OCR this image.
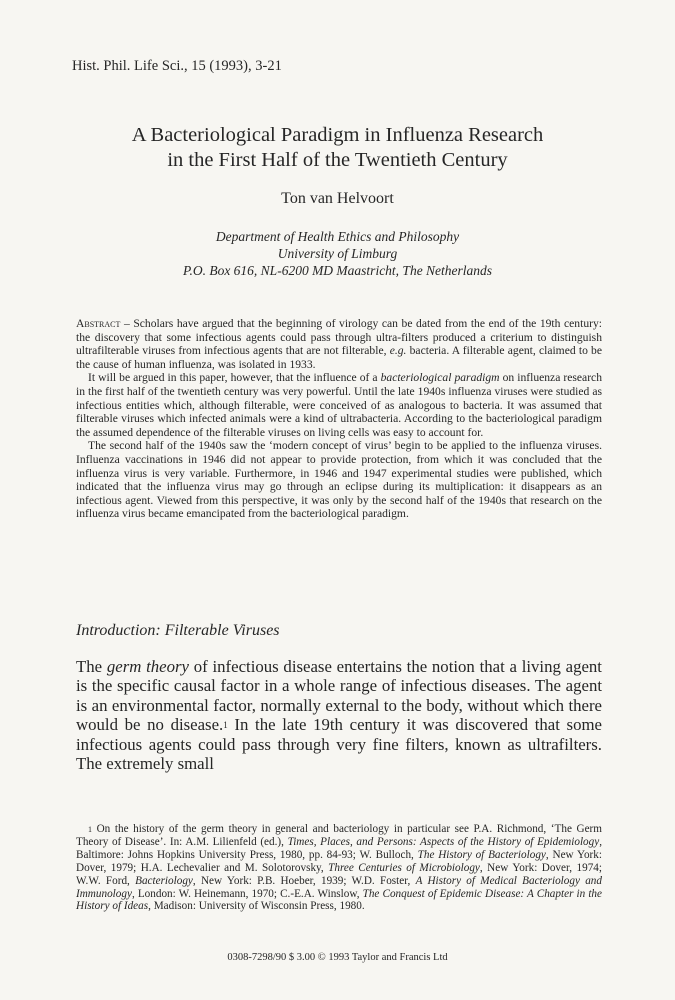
Hist. Phil. Life Sci., 15 (1993), 3-21
A Bacteriological Paradigm in Influenza Research
in the First Half of the Twentieth Century
Ton van Helvoort
Department of Health Ethics and Philosophy
University of Limburg
P.O. Box 616, NL-6200 MD Maastricht, The Netherlands

Abstract – Scholars have argued that the beginning of virology can be dated from the end of the 19th century: the discovery that some infectious agents could pass through ultra-filters produced a criterium to distinguish ultrafilterable viruses from infectious agents that are not filterable, e.g. bacteria. A filterable agent, claimed to be the cause of human influenza, was isolated in 1933.

It will be argued in this paper, however, that the influence of a bacteriological paradigm on influenza research in the first half of the twentieth century was very powerful. Until the late 1940s influenza viruses were studied as infectious entities which, although filterable, were conceived of as analogous to bacteria. It was assumed that filterable viruses which infected animals were a kind of ultrabacteria. According to the bacteriological paradigm the assumed dependence of the filterable viruses on living cells was easy to account for.

The second half of the 1940s saw the ‘modern concept of virus’ begin to be applied to the influenza viruses. Influenza vaccinations in 1946 did not appear to provide protection, from which it was concluded that the influenza virus is very variable. Furthermore, in 1946 and 1947 experimental studies were published, which indicated that the influenza virus may go through an eclipse during its multiplication: it disappears as an infectious agent. Viewed from this perspective, it was only by the second half of the 1940s that research on the influenza virus became emancipated from the bacteriological paradigm.

Introduction: Filterable Viruses

The germ theory of infectious disease entertains the notion that a living agent is the specific causal factor in a whole range of infectious diseases. The agent is an environmental factor, normally external to the body, without which there would be no disease.$^1$ In the late 19th century it was discovered that some infectious agents could pass through very fine filters, known as ultrafilters. The extremely small

$^1$ On the history of the germ theory in general and bacteriology in particular see P.A. Richmond, ‘The Germ Theory of Disease’. In: A.M. Lilienfeld (ed.), Times, Places, and Persons: Aspects of the History of Epidemiology, Baltimore: Johns Hopkins University Press, 1980, pp. 84-93; W. Bulloch, The History of Bacteriology, New York: Dover, 1979; H.A. Lechevalier and M. Solotorovsky, Three Centuries of Microbiology, New York: Dover, 1974; W.W. Ford, Bacteriology, New York: P.B. Hoeber, 1939; W.D. Foster, A History of Medical Bacteriology and Immunology, London: W. Heinemann, 1970; C.-E.A. Winslow, The Conquest of Epidemic Disease: A Chapter in the History of Ideas, Madison: University of Wisconsin Press, 1980.

0308-7298/90 $ 3.00 © 1993 Taylor and Francis Ltd
